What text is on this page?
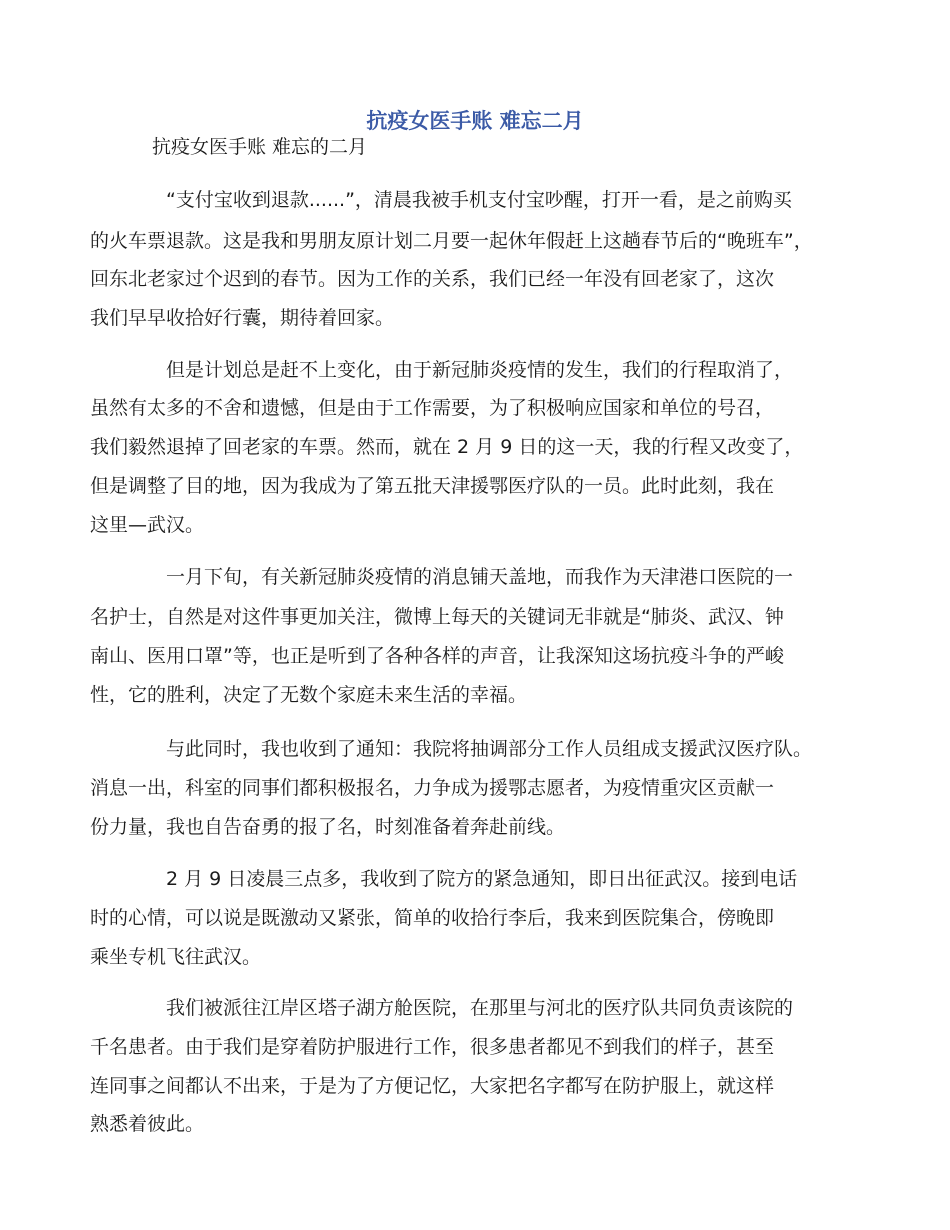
抗疫女医手账 难忘二月
抗疫女医手账 难忘的二月
“支付宝收到退款......”，清晨我被手机支付宝吵醒，打开一看，是之前购买
的火车票退款。这是我和男朋友原计划二月要一起休年假赶上这趟春节后的“晚班车”，
回东北老家过个迟到的春节。因为工作的关系，我们已经一年没有回老家了，这次
我们早早收拾好行囊，期待着回家。
但是计划总是赶不上变化，由于新冠肺炎疫情的发生，我们的行程取消了，
虽然有太多的不舍和遗憾，但是由于工作需要，为了积极响应国家和单位的号召，
我们毅然退掉了回老家的车票。然而，就在 2 月 9 日的这一天，我的行程又改变了，
但是调整了目的地，因为我成为了第五批天津援鄂医疗队的一员。此时此刻，我在
这里—武汉。
一月下旬，有关新冠肺炎疫情的消息铺天盖地，而我作为天津港口医院的一
名护士，自然是对这件事更加关注，微博上每天的关键词无非就是“肺炎、武汉、钟
南山、医用口罩”等，也正是听到了各种各样的声音，让我深知这场抗疫斗争的严峻
性，它的胜利，决定了无数个家庭未来生活的幸福。
与此同时，我也收到了通知：我院将抽调部分工作人员组成支援武汉医疗队。
消息一出，科室的同事们都积极报名，力争成为援鄂志愿者，为疫情重灾区贡献一
份力量，我也自告奋勇的报了名，时刻准备着奔赴前线。
2 月 9 日凌晨三点多，我收到了院方的紧急通知，即日出征武汉。接到电话
时的心情，可以说是既激动又紧张，简单的收拾行李后，我来到医院集合，傍晚即
乘坐专机飞往武汉。
我们被派往江岸区塔子湖方舱医院，在那里与河北的医疗队共同负责该院的
千名患者。由于我们是穿着防护服进行工作，很多患者都见不到我们的样子，甚至
连同事之间都认不出来，于是为了方便记忆，大家把名字都写在防护服上，就这样
熟悉着彼此。
